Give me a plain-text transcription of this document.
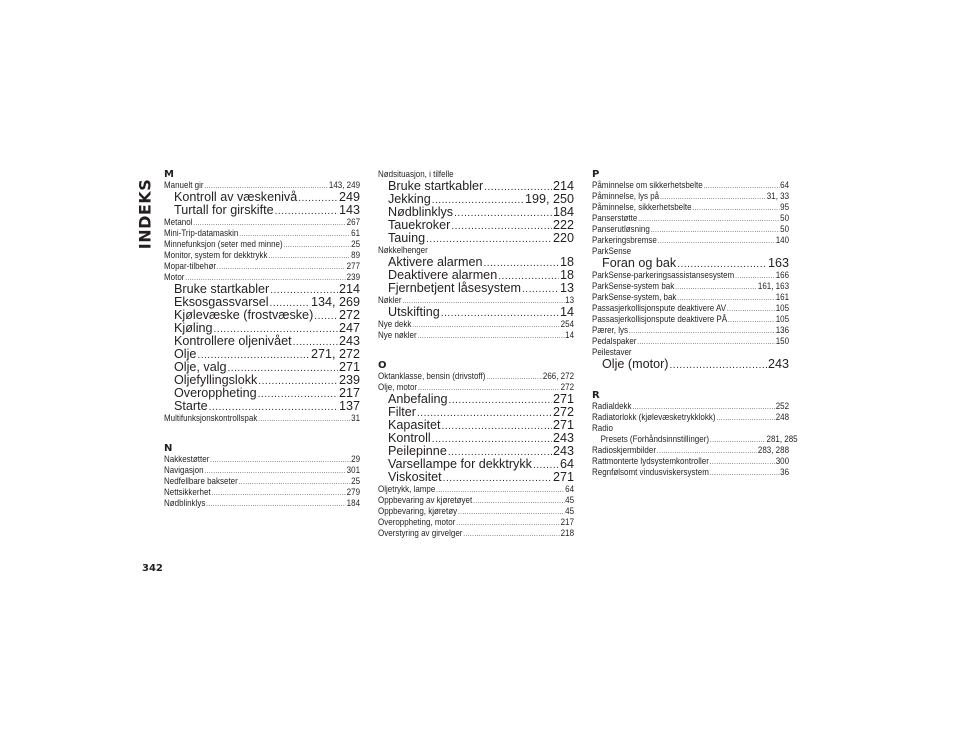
INDEKS
M
Manuelt gir .....	143, 249
Kontroll av væskenivå .....	249
Turtall for girskifte .....	143
Metanol .....	267
Mini-Trip-datamaskin .....	61
Minnefunksjon (seter med minne) .....	25
Monitor, system for dekktrykk .....	89
Mopar-tilbehør .....	277
Motor .....	239
Bruke startkabler .....	214
Eksosgassvarsel .....	134, 269
Kjølevæske (frostvæske) ..... 272
Kjøling .....	247
Kontrollere oljenivået .....	243
Olje .....	271, 272
Olje, valg .....	271
Oljefyllingslokk .....	239
Overoppheting .....	217
Starte .....	137
Multifunksjonskontrollspak .....	31
N
Nakkestøtter .....	29
Navigasjon .....	301
Nedfellbare bakseter .....	25
Nettsikkerhet .....	279
Nødblinklys .....	184
Nødsituasjon, i tilfelle
Bruke startkabler .....	214
Jekking .....	199, 250
Nødblinklys .....	184
Tauekroker .....	222
Tauing .....	220
Nøkkelhenger
Aktivere alarmen .....	18
Deaktivere alarmen .....	18
Fjernbetjent låsesystem .....	13
Nøkler .....	13
Utskifting .....	14
Nye dekk .....	254
Nye nøkler .....	14
O
Oktanklasse, bensin (drivstoff) .....	266, 272
Olje, motor .....	272
Anbefaling .....	271
Filter .....	272
Kapasitet .....	271
Kontroll .....	243
Peilepinne .....	243
Varsellampe for dekktrykk ..... 64
Viskositet .....	271
Oljetrykk, lampe .....	64
Oppbevaring av kjøretøyet .....	45
Oppbevaring, kjøretøy .....	45
Overoppheting, motor .....	217
Overstyring av girvelger .....	218
P
Påminnelse om sikkerhetsbelte .....	64
Påminnelse, lys på .....	31, 33
Påminnelse, sikkerhetsbelte .....	95
Panserstøtte .....	50
Panserutløsning .....	50
Parkeringsbremse .....	140
ParkSense
Foran og bak .....	163
ParkSense-parkeringsassistansesystem .....	166
ParkSense-system bak .....	161, 163
ParkSense-system, bak .....	161
Passasjerkollisjonspute deaktivere AV .....	105
Passasjerkollisjonspute deaktivere PÅ .....	105
Pærer, lys .....	136
Pedalspaker .....	150
Peilestaver
Olje (motor) .....	243
R
Radialdekk .....	252
Radiatorlokk (kjølevæsketrykklokk) .....	248
Radio
Presets (Forhåndsinnstillinger) .....	281, 285
Radioskjermbilder .....	283, 288
Rattmonterte lydsystemkontroller .....	300
Regnfølsomt vindusviskersystem .....	36
342
